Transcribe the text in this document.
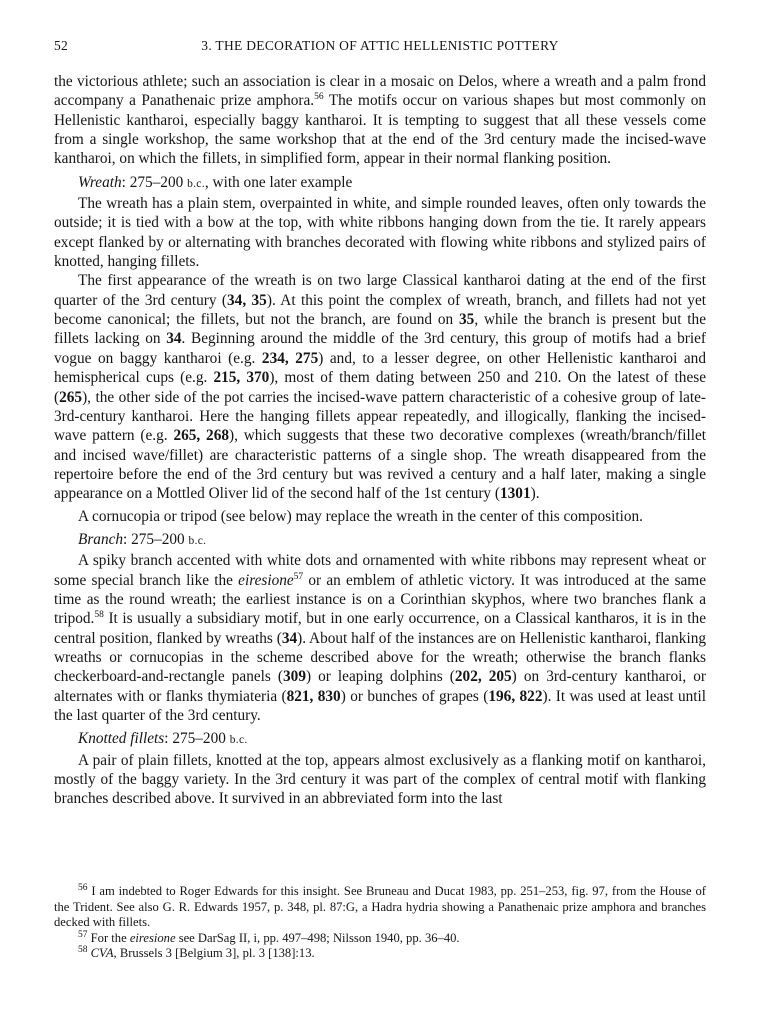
52	3. THE DECORATION OF ATTIC HELLENISTIC POTTERY

the victorious athlete; such an association is clear in a mosaic on Delos, where a wreath and a palm frond accompany a Panathenaic prize amphora.$^{56}$ The motifs occur on various shapes but most commonly on Hellenistic kantharoi, especially baggy kantharoi. It is tempting to suggest that all these vessels come from a single workshop, the same workshop that at the end of the 3rd century made the incised-wave kantharoi, on which the fillets, in simplified form, appear in their normal flanking position.

Wreath: 275–200 b.c., with one later example

The wreath has a plain stem, overpainted in white, and simple rounded leaves, often only towards the outside; it is tied with a bow at the top, with white ribbons hanging down from the tie. It rarely appears except flanked by or alternating with branches decorated with flowing white ribbons and stylized pairs of knotted, hanging fillets.

The first appearance of the wreath is on two large Classical kantharoi dating at the end of the first quarter of the 3rd century (34, 35). At this point the complex of wreath, branch, and fillets had not yet become canonical; the fillets, but not the branch, are found on 35, while the branch is present but the fillets lacking on 34. Beginning around the middle of the 3rd century, this group of motifs had a brief vogue on baggy kantharoi (e.g. 234, 275) and, to a lesser degree, on other Hellenistic kantharoi and hemispherical cups (e.g. 215, 370), most of them dating between 250 and 210. On the latest of these (265), the other side of the pot carries the incised-wave pattern characteristic of a cohesive group of late-3rd-century kantharoi. Here the hanging fillets appear repeatedly, and illogically, flanking the incised-wave pattern (e.g. 265, 268), which suggests that these two decorative complexes (wreath/branch/fillet and incised wave/fillet) are characteristic patterns of a single shop. The wreath disappeared from the repertoire before the end of the 3rd century but was revived a century and a half later, making a single appearance on a Mottled Oliver lid of the second half of the 1st century (1301).

A cornucopia or tripod (see below) may replace the wreath in the center of this composition.

Branch: 275–200 b.c.

A spiky branch accented with white dots and ornamented with white ribbons may represent wheat or some special branch like the eiresione$^{57}$ or an emblem of athletic victory. It was introduced at the same time as the round wreath; the earliest instance is on a Corinthian skyphos, where two branches flank a tripod.$^{58}$ It is usually a subsidiary motif, but in one early occurrence, on a Classical kantharos, it is in the central position, flanked by wreaths (34). About half of the instances are on Hellenistic kantharoi, flanking wreaths or cornucopias in the scheme described above for the wreath; otherwise the branch flanks checkerboard-and-rectangle panels (309) or leaping dolphins (202, 205) on 3rd-century kantharoi, or alternates with or flanks thymiateria (821, 830) or bunches of grapes (196, 822). It was used at least until the last quarter of the 3rd century.

Knotted fillets: 275–200 b.c.

A pair of plain fillets, knotted at the top, appears almost exclusively as a flanking motif on kantharoi, mostly of the baggy variety. In the 3rd century it was part of the complex of central motif with flanking branches described above. It survived in an abbreviated form into the last

$^{56}$ I am indebted to Roger Edwards for this insight. See Bruneau and Ducat 1983, pp. 251–253, fig. 97, from the House of the Trident. See also G. R. Edwards 1957, p. 348, pl. 87:G, a Hadra hydria showing a Panathenaic prize amphora and branches decked with fillets.

$^{57}$ For the eiresione see DarSag II, i, pp. 497–498; Nilsson 1940, pp. 36–40.

$^{58}$ CVA, Brussels 3 [Belgium 3], pl. 3 [138]:13.
